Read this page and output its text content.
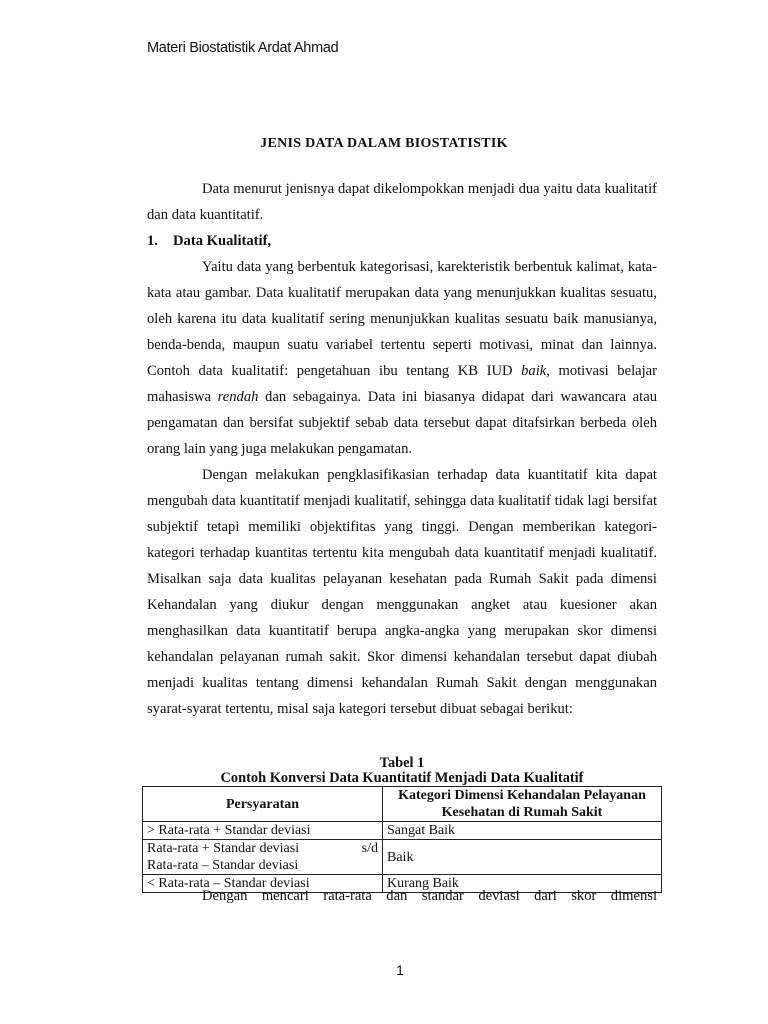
Materi Biostatistik Ardat Ahmad
JENIS DATA DALAM BIOSTATISTIK

Data menurut jenisnya dapat dikelompokkan menjadi dua yaitu data kualitatif dan data kuantitatif.

1. Data Kualitatif,

Yaitu data yang berbentuk kategorisasi, karekteristik berbentuk kalimat, kata-kata atau gambar. Data kualitatif merupakan data yang menunjukkan kualitas sesuatu, oleh karena itu data kualitatif sering menunjukkan kualitas sesuatu baik manusianya, benda-benda, maupun suatu variabel tertentu seperti motivasi, minat dan lainnya. Contoh data kualitatif: pengetahuan ibu tentang KB IUD baik, motivasi belajar mahasiswa rendah dan sebagainya. Data ini biasanya didapat dari wawancara atau pengamatan dan bersifat subjektif sebab data tersebut dapat ditafsirkan berbeda oleh orang lain yang juga melakukan pengamatan.

Dengan melakukan pengklasifikasian terhadap data kuantitatif kita dapat mengubah data kuantitatif menjadi kualitatif, sehingga data kualitatif tidak lagi bersifat subjektif tetapi memiliki objektifitas yang tinggi. Dengan memberikan kategori-kategori terhadap kuantitas tertentu kita mengubah data kuantitatif menjadi kualitatif. Misalkan saja data kualitas pelayanan kesehatan pada Rumah Sakit pada dimensi Kehandalan yang diukur dengan menggunakan angket atau kuesioner akan menghasilkan data kuantitatif berupa angka-angka yang merupakan skor dimensi kehandalan pelayanan rumah sakit. Skor dimensi kehandalan tersebut dapat diubah menjadi kualitas tentang dimensi kehandalan Rumah Sakit dengan menggunakan syarat-syarat tertentu, misal saja kategori tersebut dibuat sebagai berikut:

Tabel 1
Contoh Konversi Data Kuantitatif Menjadi Data Kualitatif
Persyaratan	Kategori Dimensi Kehandalan Pelayanan Kesehatan di Rumah Sakit
> Rata-rata + Standar deviasi	Sangat Baik

Rata-rata + Standar deviasi s/d
Rata-rata – Standar deviasi	Baik
< Rata-rata – Standar deviasi	Kurang Baik
Dengan mencari rata-rata dan standar deviasi dari skor dimensi
1
